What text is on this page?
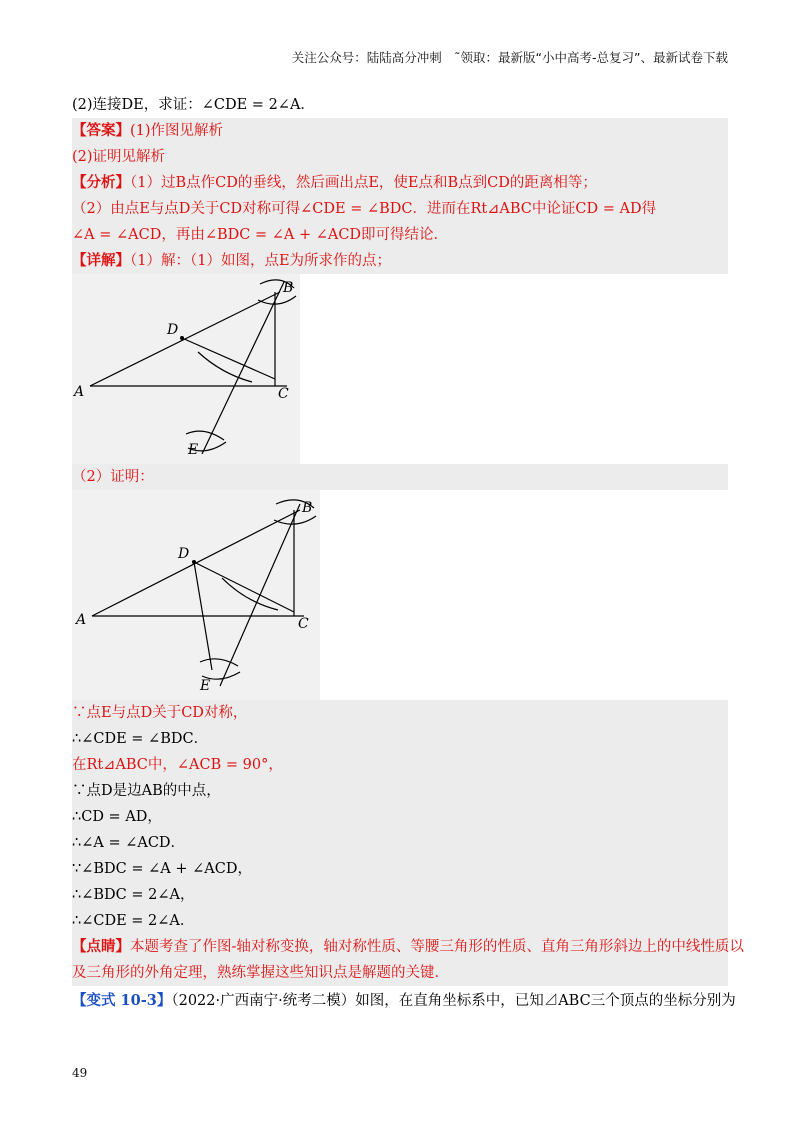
关注公众号：陆陆高分冲刺　˜领取：最新版“小中高考-总复习”、最新试卷下载
(2)连接DE，求证：∠CDE = 2∠A．
【答案】(1)作图见解析
(2)证明见解析
【分析】（1）过B点作CD的垂线，然后画出点E，使E点和B点到CD的距离相等；
（2）由点E与点D关于CD对称可得∠CDE = ∠BDC．进而在Rt⊿ABC中论证CD = AD得
∠A = ∠ACD，再由∠BDC = ∠A + ∠ACD即可得结论．
【详解】（1）解：（1）如图，点E为所求作的点；
B
D
A	C
E
（2）证明：
B
D
A	C
E
∵点E与点D关于CD对称，
∴∠CDE = ∠BDC．
在Rt⊿ABC中，∠ACB = 90°，
∵点D是边AB的中点，
∴CD = AD，
∴∠A = ∠ACD．
∵∠BDC = ∠A + ∠ACD，
∴∠BDC = 2∠A，
∴∠CDE = 2∠A．
【点睛】本题考查了作图-轴对称变换，轴对称性质、等腰三角形的性质、直角三角形斜边上的中线性质以
及三角形的外角定理，熟练掌握这些知识点是解题的关键．
【变式 10-3】（2022·广西南宁·统考二模）如图，在直角坐标系中，已知⊿ABC三个顶点的坐标分别为
49
